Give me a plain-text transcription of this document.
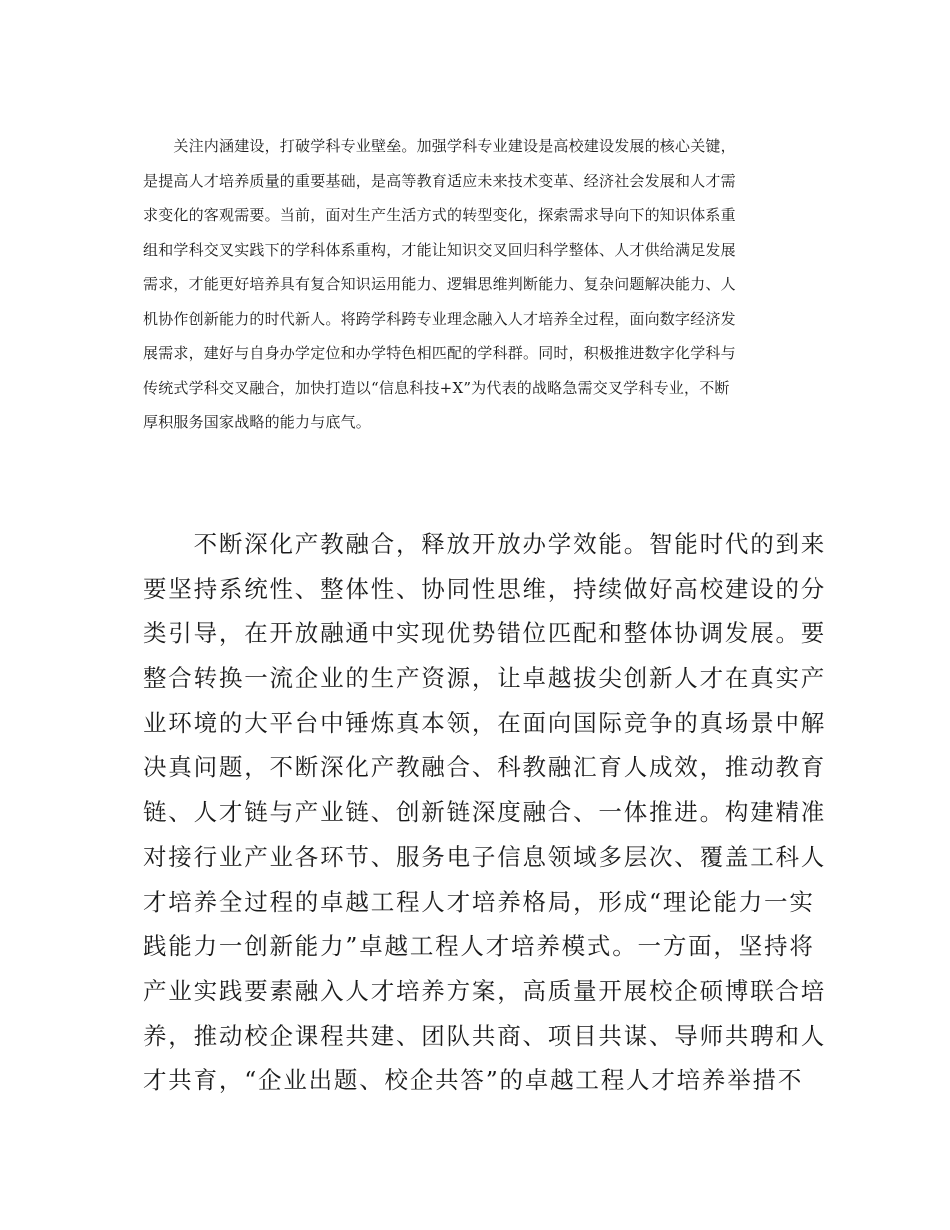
　　关注内涵建设，打破学科专业壁垒。加强学科专业建设是高校建设发展的核心关键，
是提高人才培养质量的重要基础，是高等教育适应未来技术变革、经济社会发展和人才需
求变化的客观需要。当前，面对生产生活方式的转型变化，探索需求导向下的知识体系重
组和学科交叉实践下的学科体系重构，才能让知识交叉回归科学整体、人才供给满足发展
需求，才能更好培养具有复合知识运用能力、逻辑思维判断能力、复杂问题解决能力、人
机协作创新能力的时代新人。将跨学科跨专业理念融入人才培养全过程，面向数字经济发
展需求，建好与自身办学定位和办学特色相匹配的学科群。同时，积极推进数字化学科与
传统式学科交叉融合，加快打造以“信息科技+X”为代表的战略急需交叉学科专业，不断
厚积服务国家战略的能力与底气。
　　不断深化产教融合，释放开放办学效能。智能时代的到来
要坚持系统性、整体性、协同性思维，持续做好高校建设的分
类引导，在开放融通中实现优势错位匹配和整体协调发展。要
整合转换一流企业的生产资源，让卓越拔尖创新人才在真实产
业环境的大平台中锤炼真本领，在面向国际竞争的真场景中解
决真问题，不断深化产教融合、科教融汇育人成效，推动教育
链、人才链与产业链、创新链深度融合、一体推进。构建精准
对接行业产业各环节、服务电子信息领域多层次、覆盖工科人
才培养全过程的卓越工程人才培养格局，形成“理论能力一实
践能力一创新能力”卓越工程人才培养模式。一方面，坚持将
产业实践要素融入人才培养方案，高质量开展校企硕博联合培
养，推动校企课程共建、团队共商、项目共谋、导师共聘和人
才共育，“企业出题、校企共答”的卓越工程人才培养举措不
